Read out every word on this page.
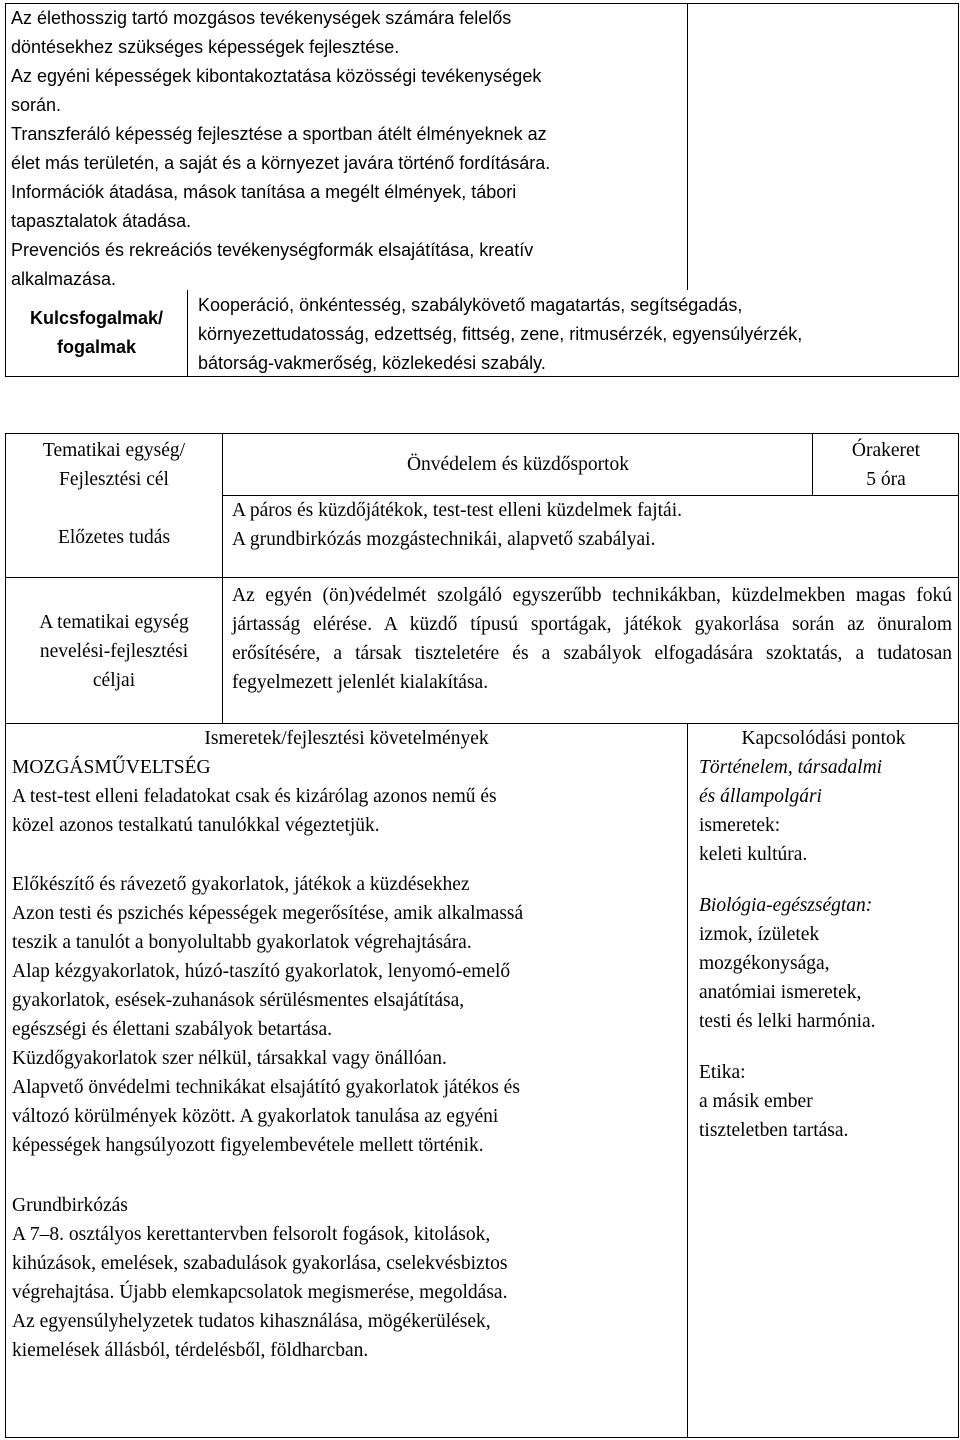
Az élethosszig tartó mozgásos tevékenységek számára felelős
döntésekhez szükséges képességek fejlesztése.
Az egyéni képességek kibontakoztatása közösségi tevékenységek
során.
Transzferáló képesség fejlesztése a sportban átélt élményeknek az
élet más területén, a saját és a környezet javára történő fordítására.
Információk átadása, mások tanítása a megélt élmények, tábori
tapasztalatok átadása.
Prevenciós és rekreációs tevékenységformák elsajátítása, kreatív
alkalmazása.
Kulcsfogalmak/
fogalmak
Kooperáció, önkéntesség, szabálykövető magatartás, segítségadás,
környezettudatosság, edzettség, fittség, zene, ritmusérzék, egyensúlyérzék,
bátorság-vakmerőség, közlekedési szabály.
Tematikai egység/
Fejlesztési cél
Előzetes tudás
Önvédelem és küzdősportok
Órakeret
5 óra
A páros és küzdőjátékok, test-test elleni küzdelmek fajtái.
A grundbirkózás mozgástechnikái, alapvető szabályai.
A tematikai egység
nevelési-fejlesztési
céljai
Az egyén (ön)védelmét szolgáló egyszerűbb technikákban, küzdelmekben magas fokú jártasság elérése. A küzdő típusú sportágak, játékok gyakorlása során az önuralom erősítésére, a társak tiszteletére és a szabályok elfogadására szoktatás, a tudatosan fegyelmezett jelenlét kialakítása.
Ismeretek/fejlesztési követelmények	Kapcsolódási pontok
MOZGÁSMŰVELTSÉG
A test-test elleni feladatokat csak és kizárólag azonos nemű és
közel azonos testalkatú tanulókkal végeztetjük.
Előkészítő és rávezető gyakorlatok, játékok a küzdésekhez
Azon testi és pszichés képességek megerősítése, amik alkalmassá
teszik a tanulót a bonyolultabb gyakorlatok végrehajtására.
Alap kézgyakorlatok, húzó-taszító gyakorlatok, lenyomó-emelő
gyakorlatok, esések-zuhanások sérülésmentes elsajátítása,
egészségi és élettani szabályok betartása.
Küzdőgyakorlatok szer nélkül, társakkal vagy önállóan.
Alapvető önvédelmi technikákat elsajátító gyakorlatok játékos és
változó körülmények között. A gyakorlatok tanulása az egyéni
képességek hangsúlyozott figyelembevétele mellett történik.
Grundbirkózás
A 7–8. osztályos kerettantervben felsorolt fogások, kitolások,
kihúzások, emelések, szabadulások gyakorlása, cselekvésbiztos
végrehajtása. Újabb elemkapcsolatok megismerése, megoldása.
Az egyensúlyhelyzetek tudatos kihasználása, mögékerülések,
kiemelések állásból, térdelésből, földharcban.
Történelem, társadalmi
és állampolgári
ismeretek:
keleti kultúra.
Biológia-egészségtan:
izmok, ízületek
mozgékonysága,
anatómiai ismeretek,
testi és lelki harmónia.
Etika:
a másik ember
tiszteletben tartása.
